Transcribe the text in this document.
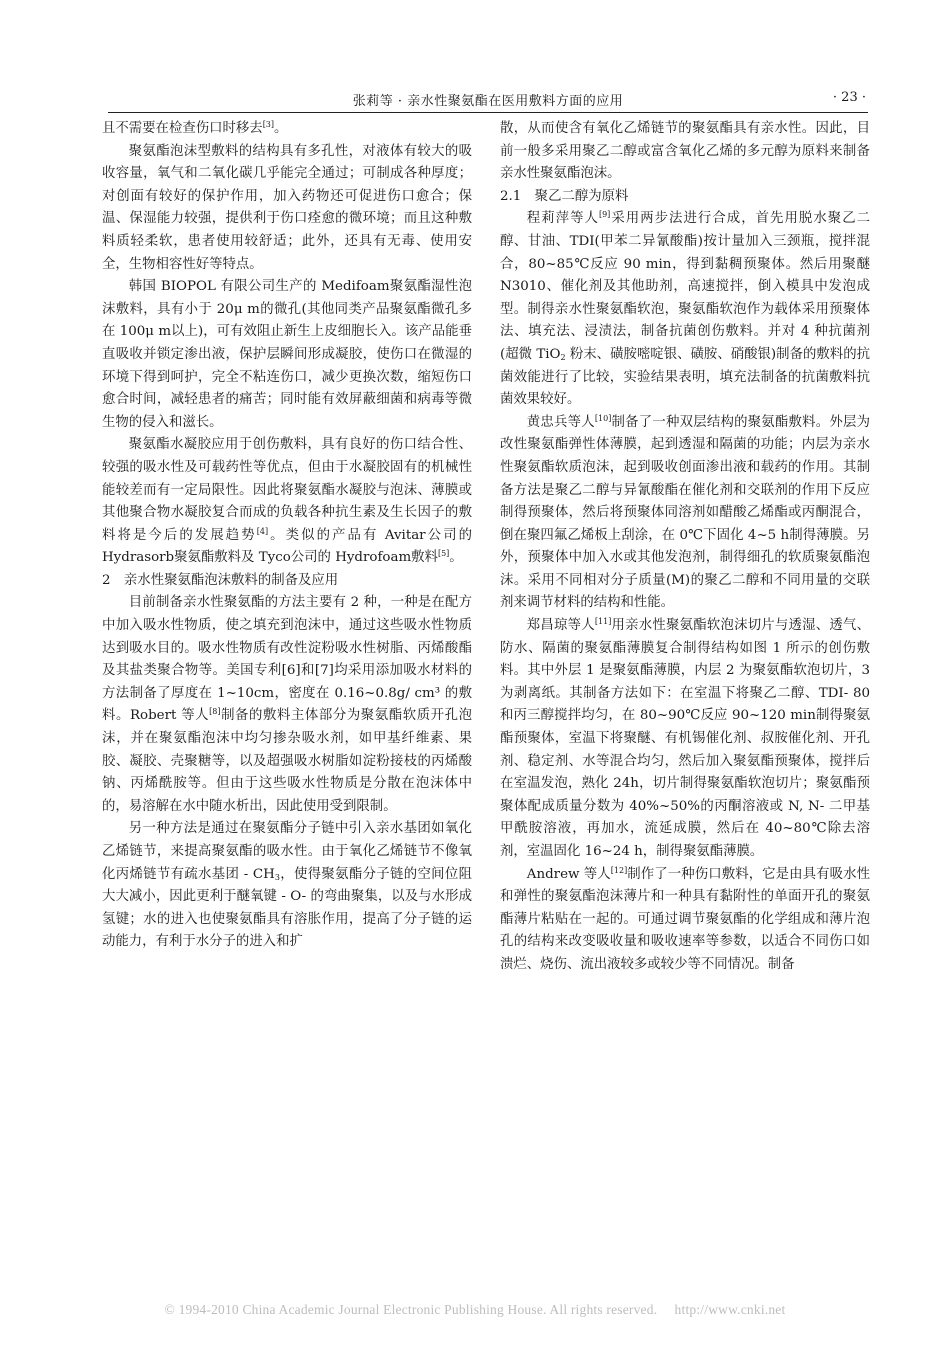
张莉等 · 亲水性聚氨酯在医用敷料方面的应用	· 23 ·

且不需要在检查伤口时移去[3]。

聚氨酯泡沫型敷料的结构具有多孔性，对液体有较大的吸收容量，氧气和二氧化碳几乎能完全通过；可制成各种厚度；对创面有较好的保护作用，加入药物还可促进伤口愈合；保温、保湿能力较强，提供利于伤口痊愈的微环境；而且这种敷料质轻柔软，患者使用较舒适；此外，还具有无毒、使用安全，生物相容性好等特点。

韩国 BIOPOL 有限公司生产的 Medifoam聚氨酯湿性泡沫敷料，具有小于 20μ m的微孔(其他同类产品聚氨酯微孔多在 100μ m以上)，可有效阻止新生上皮细胞长入。该产品能垂直吸收并锁定渗出液，保护层瞬间形成凝胶，使伤口在微湿的环境下得到呵护，完全不粘连伤口，减少更换次数，缩短伤口愈合时间，减轻患者的痛苦；同时能有效屏蔽细菌和病毒等微生物的侵入和滋长。

聚氨酯水凝胶应用于创伤敷料，具有良好的伤口结合性、较强的吸水性及可载药性等优点，但由于水凝胶固有的机械性能较差而有一定局限性。因此将聚氨酯水凝胶与泡沫、薄膜或其他聚合物水凝胶复合而成的负载各种抗生素及生长因子的敷料将是今后的发展趋势[4]。类似的产品有 Avitar公司的 Hydrasorb聚氨酯敷料及 Tyco公司的 Hydrofoam敷料[5]。

2　亲水性聚氨酯泡沫敷料的制备及应用

目前制备亲水性聚氨酯的方法主要有 2 种，一种是在配方中加入吸水性物质，使之填充到泡沫中，通过这些吸水性物质达到吸水目的。吸水性物质有改性淀粉吸水性树脂、丙烯酸酯及其盐类聚合物等。美国专利[6]和[7]均采用添加吸水材料的方法制备了厚度在 1~10cm，密度在 0.16~0.8g/ cm³ 的敷料。Robert 等人[8]制备的敷料主体部分为聚氨酯软质开孔泡沫，并在聚氨酯泡沫中均匀掺杂吸水剂，如甲基纤维素、果胶、凝胶、壳聚糖等，以及超强吸水树脂如淀粉接枝的丙烯酸钠、丙烯酰胺等。但由于这些吸水性物质是分散在泡沫体中的，易溶解在水中随水析出，因此使用受到限制。

另一种方法是通过在聚氨酯分子链中引入亲水基团如氧化乙烯链节，来提高聚氨酯的吸水性。由于氧化乙烯链节不像氧化丙烯链节有疏水基团 - $CH_3$，使得聚氨酯分子链的空间位阻大大减小，因此更利于醚氧键 - O- 的弯曲聚集，以及与水形成氢键；水的进入也使聚氨酯具有溶胀作用，提高了分子链的运动能力，有利于水分子的进入和扩

散，从而使含有氧化乙烯链节的聚氨酯具有亲水性。因此，目前一般多采用聚乙二醇或富含氧化乙烯的多元醇为原料来制备亲水性聚氨酯泡沫。

2.1　聚乙二醇为原料

程莉萍等人[9]采用两步法进行合成，首先用脱水聚乙二醇、甘油、TDI(甲苯二异氰酸酯)按计量加入三颈瓶，搅拌混合，80~85℃反应 90 min，得到黏稠预聚体。然后用聚醚 N3010、催化剂及其他助剂，高速搅拌，倒入模具中发泡成型。制得亲水性聚氨酯软泡，聚氨酯软泡作为载体采用预聚体法、填充法、浸渍法，制备抗菌创伤敷料。并对 4 种抗菌剂(超微 TiO$_2$ 粉末、磺胺嘧啶银、磺胺、硝酸银)制备的敷料的抗菌效能进行了比较，实验结果表明，填充法制备的抗菌敷料抗菌效果较好。

黄忠兵等人[10]制备了一种双层结构的聚氨酯敷料。外层为改性聚氨酯弹性体薄膜，起到透湿和隔菌的功能；内层为亲水性聚氨酯软质泡沫，起到吸收创面渗出液和载药的作用。其制备方法是聚乙二醇与异氰酸酯在催化剂和交联剂的作用下反应制得预聚体，然后将预聚体同溶剂如醋酸乙烯酯或丙酮混合，倒在聚四氟乙烯板上刮涂，在 0℃下固化 4~5 h制得薄膜。另外，预聚体中加入水或其他发泡剂，制得细孔的软质聚氨酯泡沫。采用不同相对分子质量(M)的聚乙二醇和不同用量的交联剂来调节材料的结构和性能。

郑昌琼等人[11]用亲水性聚氨酯软泡沫切片与透湿、透气、防水、隔菌的聚氨酯薄膜复合制得结构如图 1 所示的创伤敷料。其中外层 1 是聚氨酯薄膜，内层 2 为聚氨酯软泡切片，3 为剥离纸。其制备方法如下：在室温下将聚乙二醇、TDI- 80 和丙三醇搅拌均匀，在 80~90℃反应 90~120 min制得聚氨酯预聚体，室温下将聚醚、有机锡催化剂、叔胺催化剂、开孔剂、稳定剂、水等混合均匀，然后加入聚氨酯预聚体，搅拌后在室温发泡，熟化 24h，切片制得聚氨酯软泡切片；聚氨酯预聚体配成质量分数为 40%~50%的丙酮溶液或 N, N- 二甲基甲酰胺溶液，再加水，流延成膜，然后在 40~80℃除去溶剂，室温固化 16~24 h，制得聚氨酯薄膜。

Andrew 等人[12]制作了一种伤口敷料，它是由具有吸水性和弹性的聚氨酯泡沫薄片和一种具有黏附性的单面开孔的聚氨酯薄片粘贴在一起的。可通过调节聚氨酯的化学组成和薄片泡孔的结构来改变吸收量和吸收速率等参数，以适合不同伤口如溃烂、烧伤、流出液较多或较少等不同情况。制备

© 1994-2010 China Academic Journal Electronic Publishing House. All rights reserved.　 http://www.cnki.net
